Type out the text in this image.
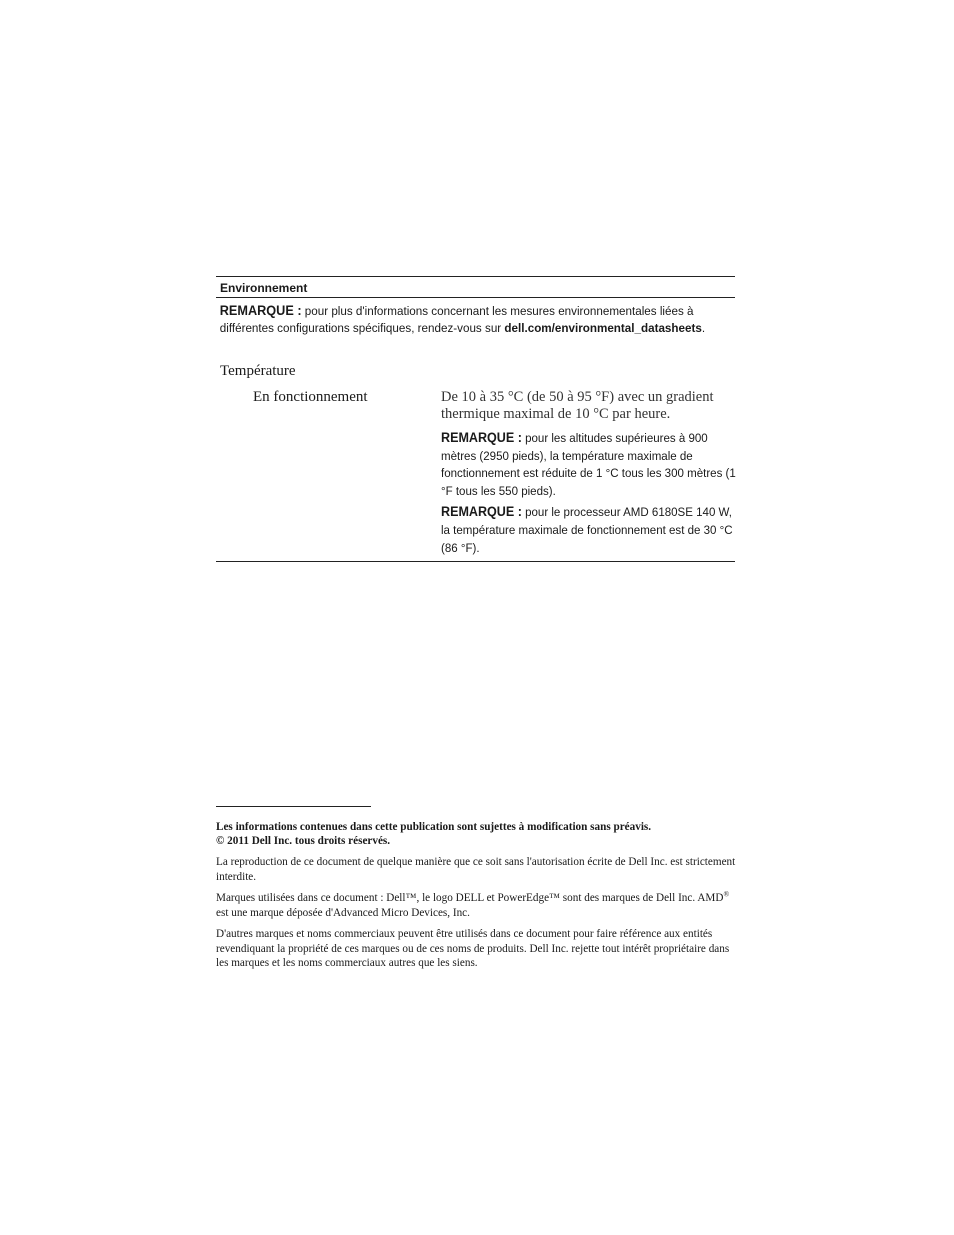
Environnement
REMARQUE : pour plus d'informations concernant les mesures environnementales liées à différentes configurations spécifiques, rendez-vous sur dell.com/environmental_datasheets.
Température
En fonctionnement	De 10 à 35 °C (de 50 à 95 °F) avec un gradient thermique maximal de 10 °C par heure.
REMARQUE : pour les altitudes supérieures à 900 mètres (2950 pieds), la température maximale de fonctionnement est réduite de 1 °C tous les 300 mètres (1 °F tous les 550 pieds).
REMARQUE : pour le processeur AMD 6180SE 140 W, la température maximale de fonctionnement est de 30 °C (86 °F).
Les informations contenues dans cette publication sont sujettes à modification sans préavis.
© 2011 Dell Inc. tous droits réservés.
La reproduction de ce document de quelque manière que ce soit sans l'autorisation écrite de Dell Inc. est strictement interdite.
Marques utilisées dans ce document : Dell™, le logo DELL et PowerEdge™ sont des marques de Dell Inc. AMD® est une marque déposée d'Advanced Micro Devices, Inc.
D'autres marques et noms commerciaux peuvent être utilisés dans ce document pour faire référence aux entités revendiquant la propriété de ces marques ou de ces noms de produits. Dell Inc. rejette tout intérêt propriétaire dans les marques et les noms commerciaux autres que les siens.
